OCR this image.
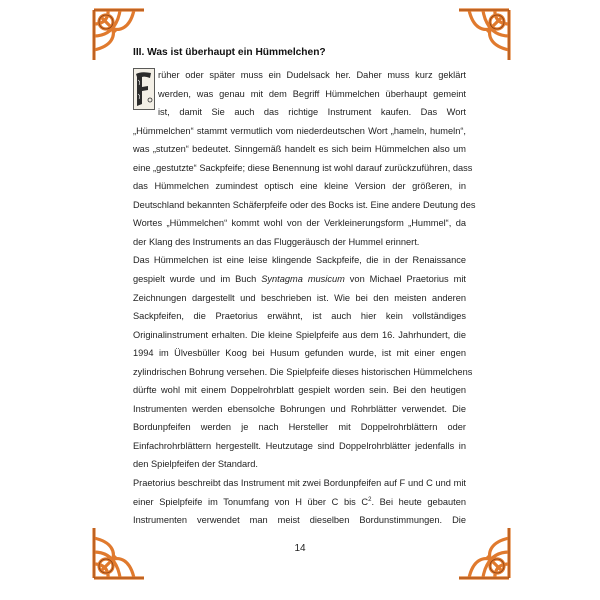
III. Was ist überhaupt ein Hümmelchen?

rüher oder später muss ein Dudelsack her. Daher muss kurz geklärt
werden, was genau mit dem Begriff Hümmelchen überhaupt gemeint
ist, damit Sie auch das richtige Instrument kaufen. Das Wort
„Hümmelchen“ stammt vermutlich vom niederdeutschen Wort „hameln, humeln“,
was „stutzen“ bedeutet. Sinngemäß handelt es sich beim Hümmelchen also um
eine „gestutzte“ Sackpfeife; diese Benennung ist wohl darauf zurückzuführen, dass
das Hümmelchen zumindest optisch eine kleine Version der größeren, in
Deutschland bekannten Schäferpfeife oder des Bocks ist. Eine andere Deutung des
Wortes „Hümmelchen“ kommt wohl von der Verkleinerungsform „Hummel“, da
der Klang des Instruments an das Fluggeräusch der Hummel erinnert.

Das Hümmelchen ist eine leise klingende Sackpfeife, die in der Renaissance
gespielt wurde und im Buch Syntagma musicum von Michael Praetorius mit
Zeichnungen dargestellt und beschrieben ist. Wie bei den meisten anderen
Sackpfeifen, die Praetorius erwähnt, ist auch hier kein vollständiges
Originalinstrument erhalten. Die kleine Spielpfeife aus dem 16. Jahrhundert, die
1994 im Ülvesbüller Koog bei Husum gefunden wurde, ist mit einer engen
zylindrischen Bohrung versehen. Die Spielpfeife dieses historischen Hümmelchens
dürfte wohl mit einem Doppelrohrblatt gespielt worden sein. Bei den heutigen
Instrumenten werden ebensolche Bohrungen und Rohrblätter verwendet. Die
Bordunpfeifen werden je nach Hersteller mit Doppelrohrblättern oder
Einfachrohrblättern hergestellt. Heutzutage sind Doppelrohrblätter jedenfalls in
den Spielpfeifen der Standard.

Praetorius beschreibt das Instrument mit zwei Bordunpfeifen auf F und C und mit
einer Spielpfeife im Tonumfang von H über C bis $C^2$. Bei heute gebauten
Instrumenten verwendet man meist dieselben Bordunstimmungen. Die

14
